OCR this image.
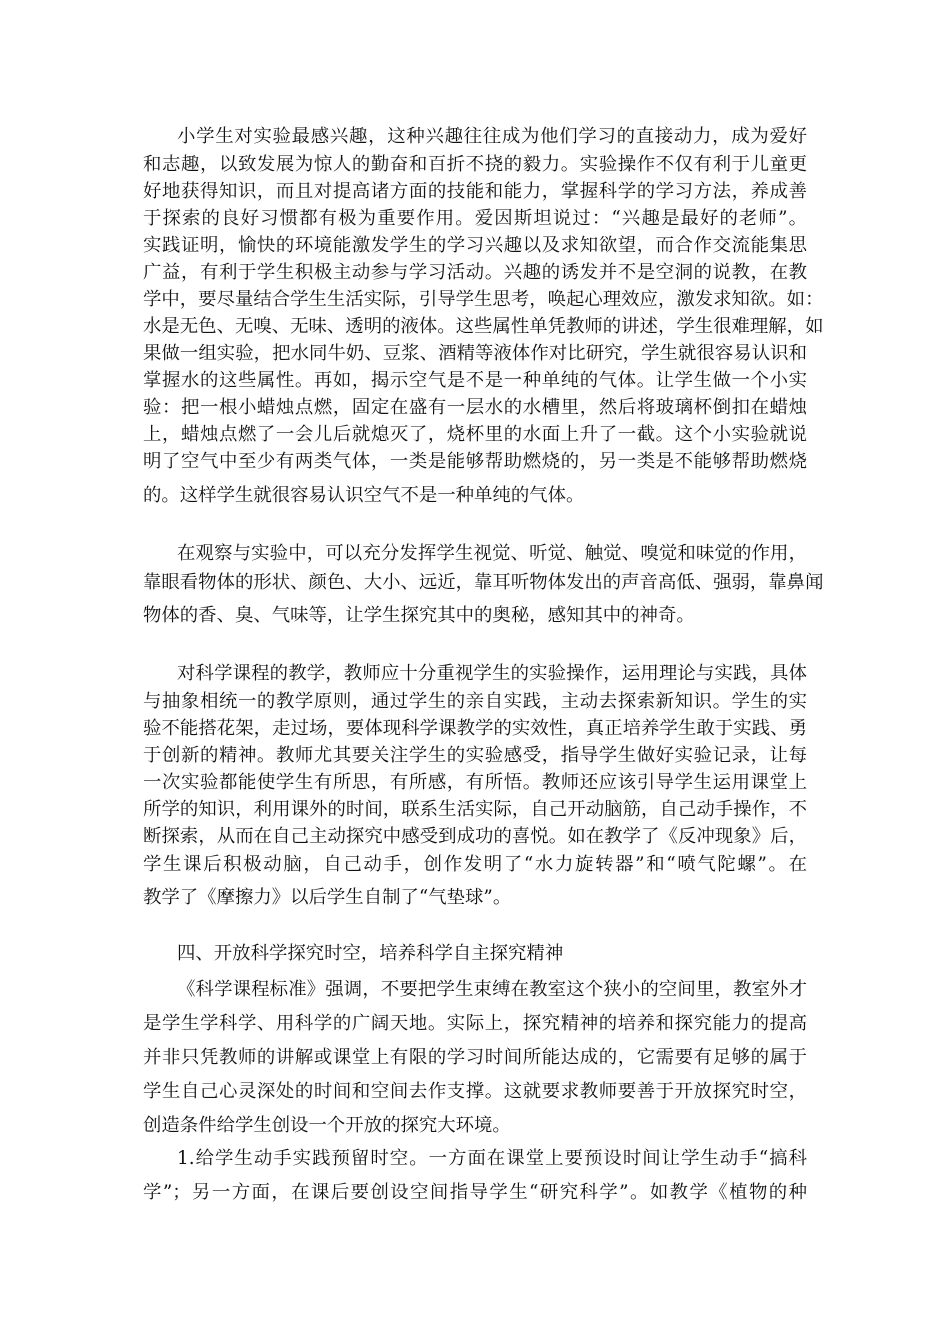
小学生对实验最感兴趣，这种兴趣往往成为他们学习的直接动力，成为爱好
和志趣，以致发展为惊人的勤奋和百折不挠的毅力。实验操作不仅有利于儿童更
好地获得知识，而且对提高诸方面的技能和能力，掌握科学的学习方法，养成善
于探索的良好习惯都有极为重要作用。爱因斯坦说过：“兴趣是最好的老师”。
实践证明，愉快的环境能激发学生的学习兴趣以及求知欲望，而合作交流能集思
广益，有利于学生积极主动参与学习活动。兴趣的诱发并不是空洞的说教，在教
学中，要尽量结合学生生活实际，引导学生思考，唤起心理效应，激发求知欲。如：
水是无色、无嗅、无味、透明的液体。这些属性单凭教师的讲述，学生很难理解，如
果做一组实验，把水同牛奶、豆浆、酒精等液体作对比研究，学生就很容易认识和
掌握水的这些属性。再如，揭示空气是不是一种单纯的气体。让学生做一个小实
验：把一根小蜡烛点燃，固定在盛有一层水的水槽里，然后将玻璃杯倒扣在蜡烛
上，蜡烛点燃了一会儿后就熄灭了，烧杯里的水面上升了一截。这个小实验就说
明了空气中至少有两类气体，一类是能够帮助燃烧的，另一类是不能够帮助燃烧
的。这样学生就很容易认识空气不是一种单纯的气体。
在观察与实验中，可以充分发挥学生视觉、听觉、触觉、嗅觉和味觉的作用，
靠眼看物体的形状、颜色、大小、远近，靠耳听物体发出的声音高低、强弱，靠鼻闻
物体的香、臭、气味等，让学生探究其中的奥秘，感知其中的神奇。
对科学课程的教学，教师应十分重视学生的实验操作，运用理论与实践，具体
与抽象相统一的教学原则，通过学生的亲自实践，主动去探索新知识。学生的实
验不能搭花架，走过场，要体现科学课教学的实效性，真正培养学生敢于实践、勇
于创新的精神。教师尤其要关注学生的实验感受，指导学生做好实验记录，让每
一次实验都能使学生有所思，有所感，有所悟。教师还应该引导学生运用课堂上
所学的知识，利用课外的时间，联系生活实际，自己开动脑筋，自己动手操作，不
断探索，从而在自己主动探究中感受到成功的喜悦。如在教学了《反冲现象》后，
学生课后积极动脑，自己动手，创作发明了“水力旋转器”和“喷气陀螺”。在
教学了《摩擦力》以后学生自制了“气垫球”。
四、开放科学探究时空，培养科学自主探究精神
《科学课程标准》强调，不要把学生束缚在教室这个狭小的空间里，教室外才
是学生学科学、用科学的广阔天地。实际上，探究精神的培养和探究能力的提高
并非只凭教师的讲解或课堂上有限的学习时间所能达成的，它需要有足够的属于
学生自己心灵深处的时间和空间去作支撑。这就要求教师要善于开放探究时空，
创造条件给学生创设一个开放的探究大环境。
1.给学生动手实践预留时空。一方面在课堂上要预设时间让学生动手“搞科
学”；另一方面，在课后要创设空间指导学生“研究科学”。如教学《植物的种
